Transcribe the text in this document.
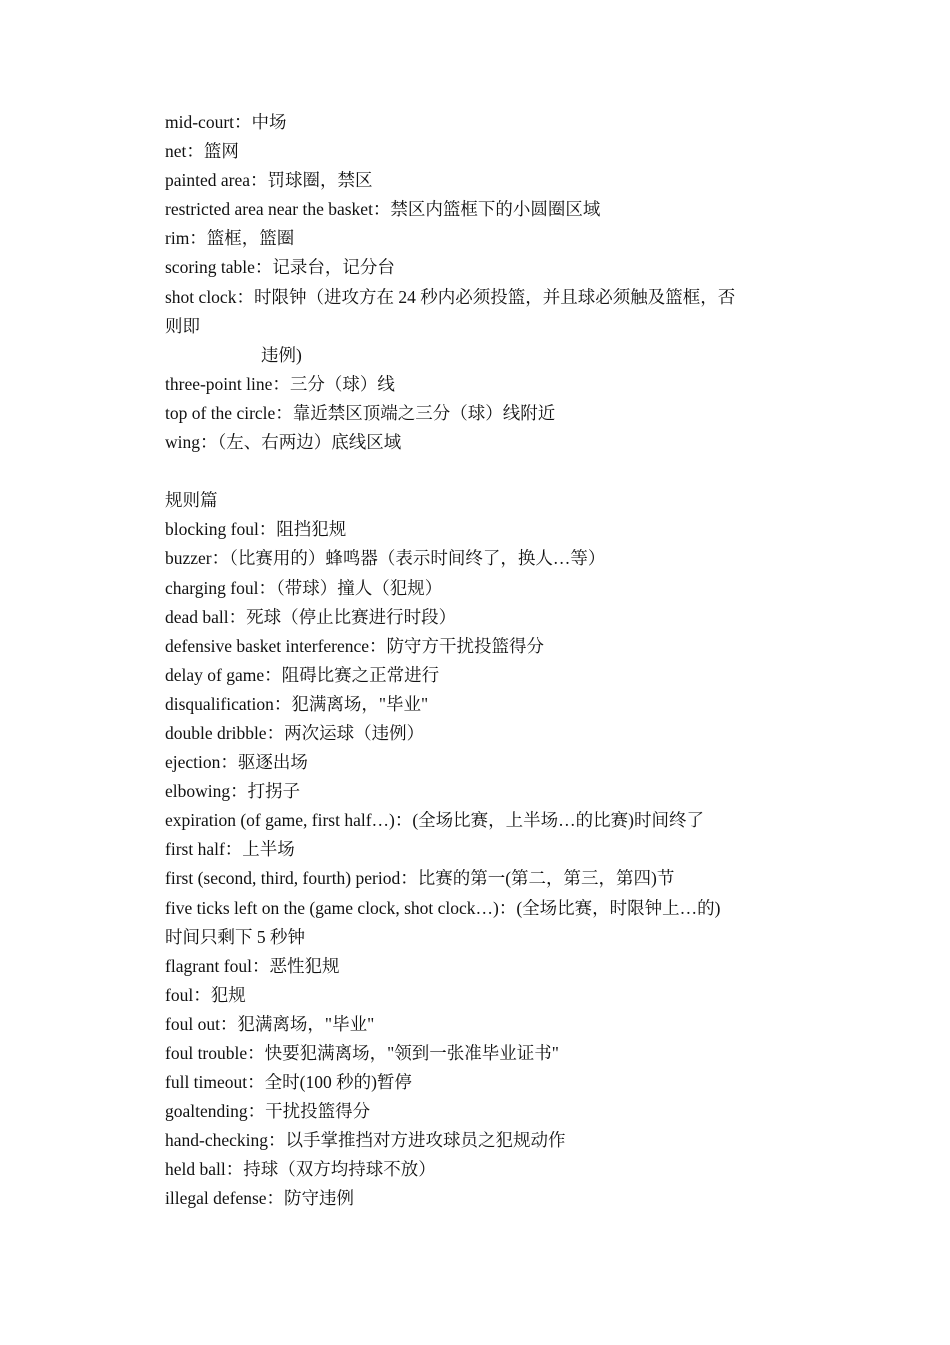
mid-court：中场
net：篮网
painted area：罚球圈，禁区
restricted area near the basket：禁区内篮框下的小圆圈区域
rim：篮框，篮圈
scoring table：记录台，记分台
shot clock：时限钟（进攻方在 24 秒内必须投篮，并且球必须触及篮框，否
则即
违例)
three-point line：三分（球）线
top of the circle：靠近禁区顶端之三分（球）线附近
wing：（左、右两边）底线区域
规则篇
blocking foul：阻挡犯规
buzzer：（比赛用的）蜂鸣器（表示时间终了，换人…等）
charging foul：（带球）撞人（犯规）
dead ball：死球（停止比赛进行时段）
defensive basket interference：防守方干扰投篮得分
delay of game：阻碍比赛之正常进行
disqualification：犯满离场，"毕业"
double dribble：两次运球（违例）
ejection：驱逐出场
elbowing：打拐子
expiration (of game, first half…)：(全场比赛，上半场…的比赛)时间终了
first half：上半场
first (second, third, fourth) period：比赛的第一(第二，第三，第四)节
five ticks left on the (game clock, shot clock…)：(全场比赛，时限钟上…的)
时间只剩下 5 秒钟
flagrant foul：恶性犯规
foul：犯规
foul out：犯满离场，"毕业"
foul trouble：快要犯满离场，"领到一张准毕业证书"
full timeout：全时(100 秒的)暂停
goaltending：干扰投篮得分
hand-checking：以手掌推挡对方进攻球员之犯规动作
held ball：持球（双方均持球不放）
illegal defense：防守违例
